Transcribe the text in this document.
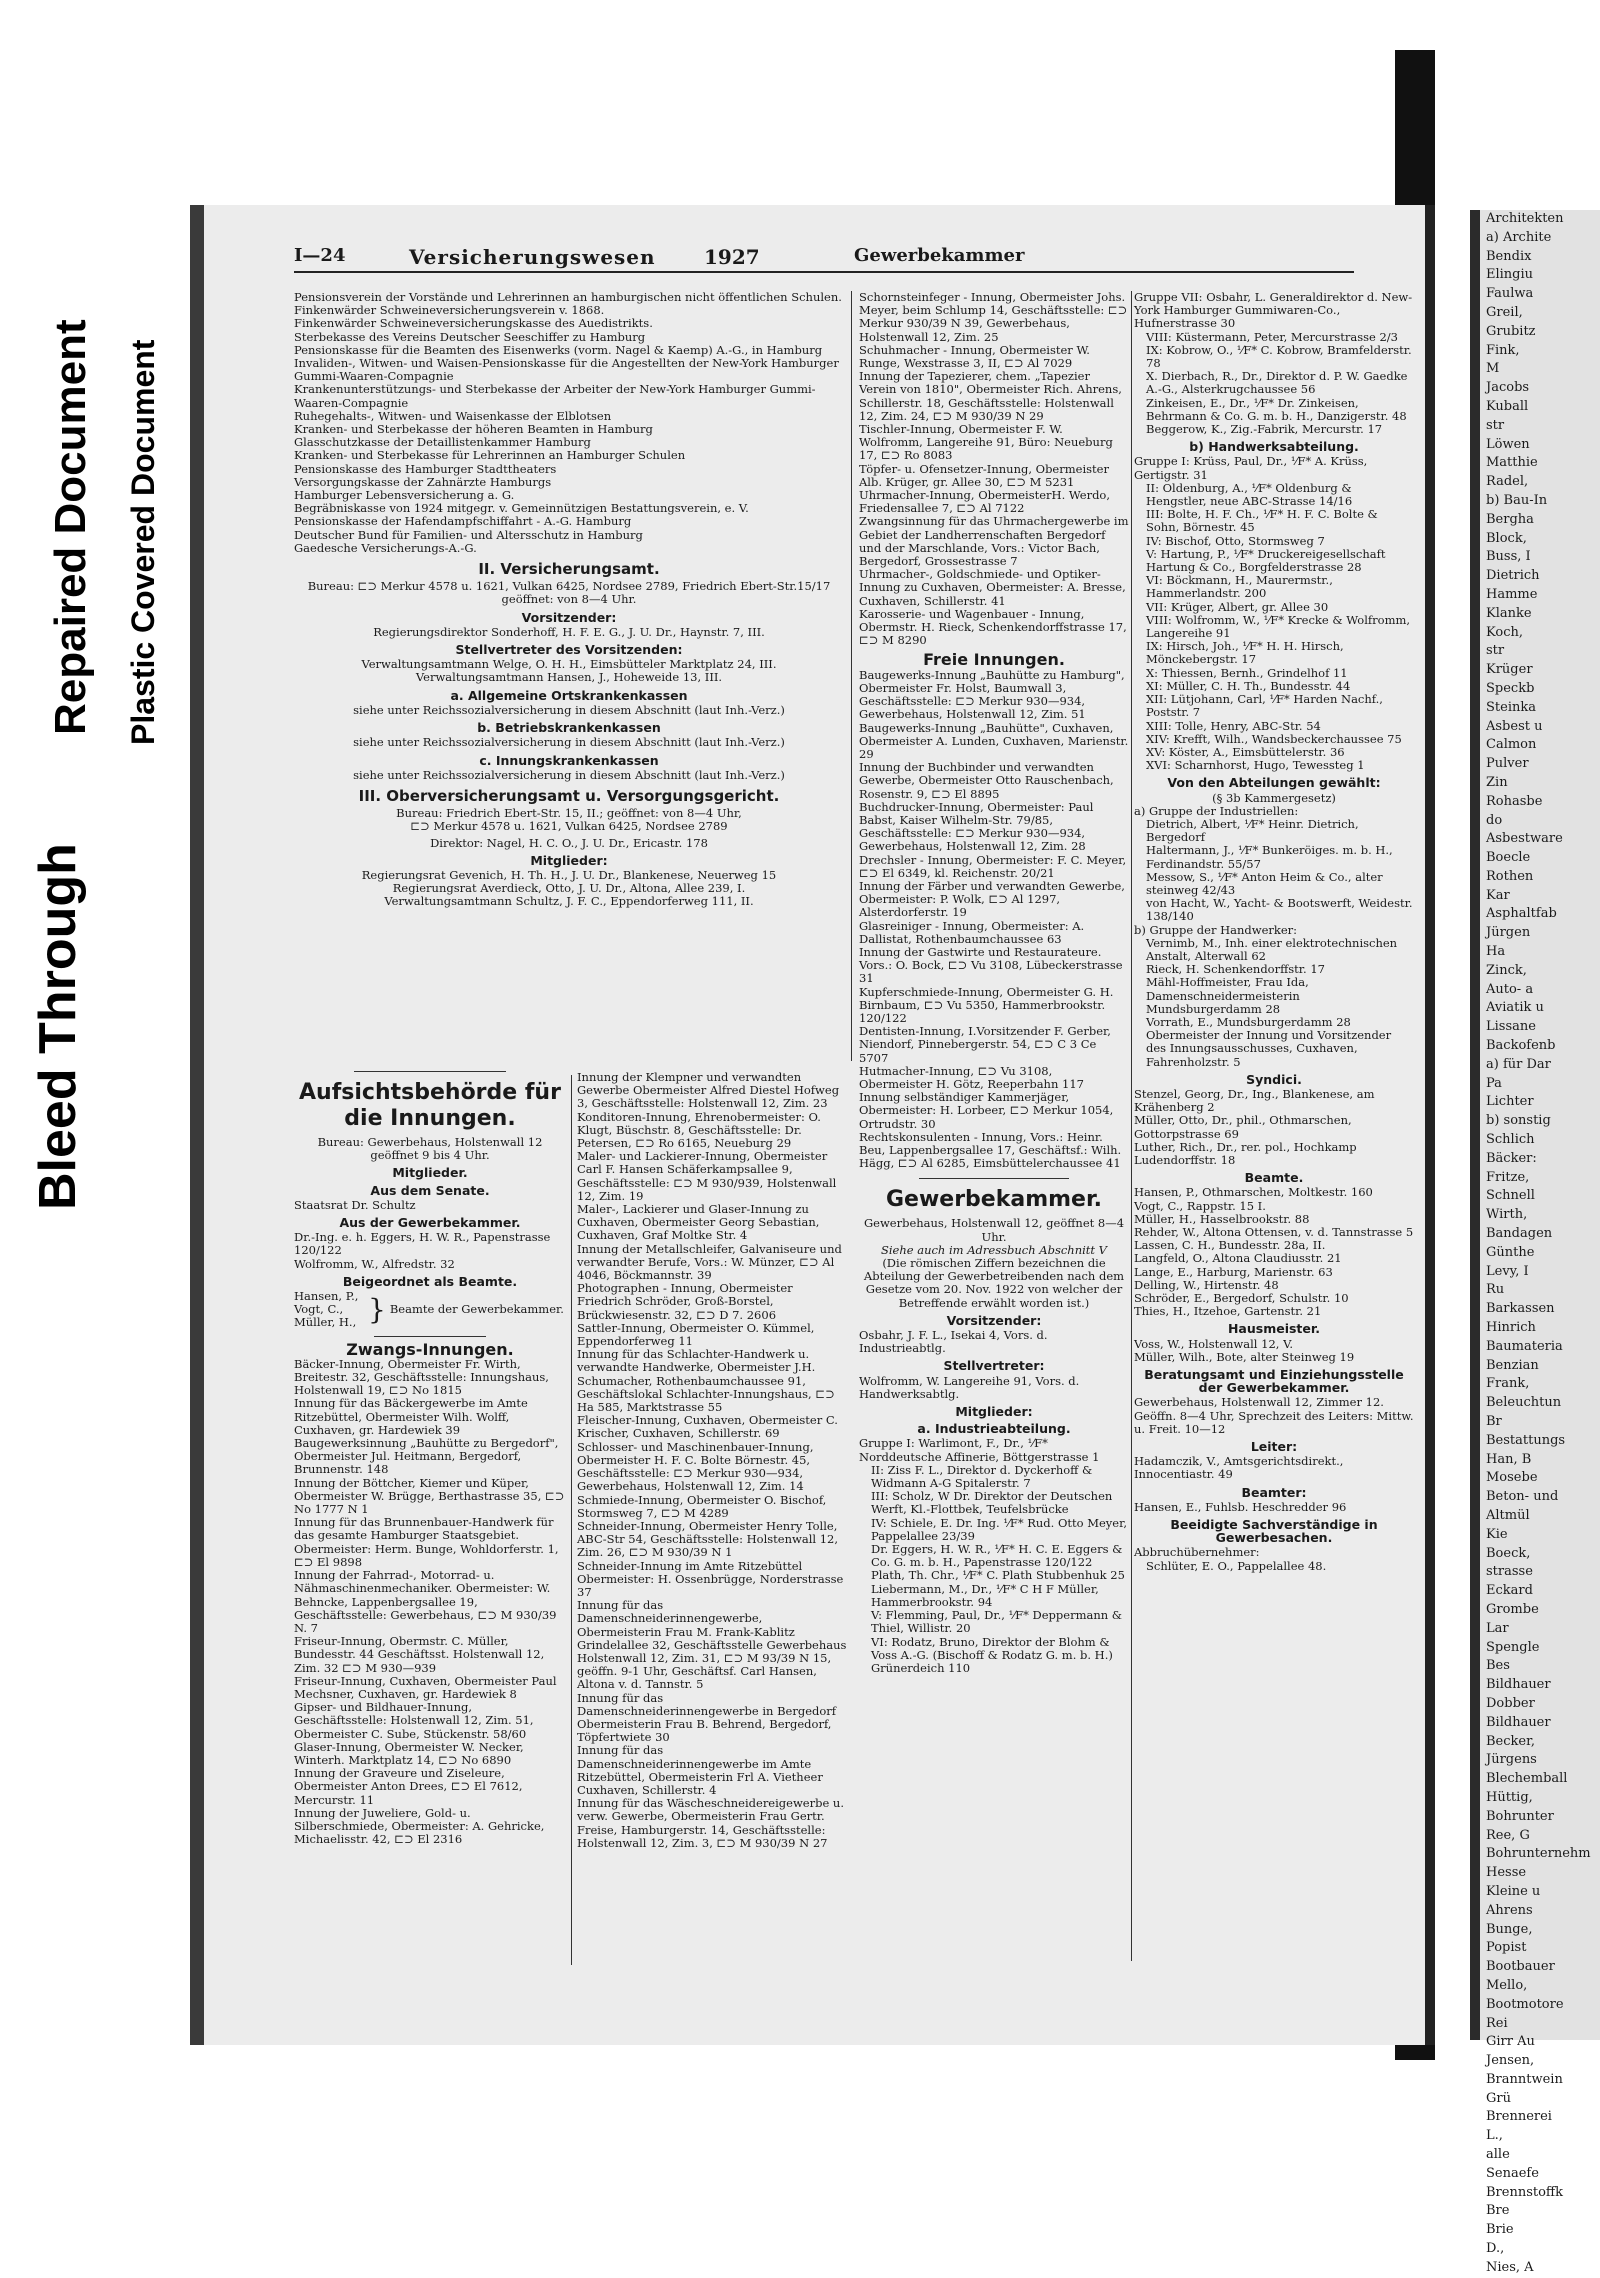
Bleed Through
Repaired Document Plastic Covered Document
I—24	Versicherungswesen 1927	Gewerbekammer

Pensionsverein der Vorstände und Lehrerinnen an hamburgischen nicht öffentlichen Schulen.

Finkenwärder Schweineversicherungsverein v. 1868.

Finkenwärder Schweineversicherungskasse des Auedistrikts.

Sterbekasse des Vereins Deutscher Seeschiffer zu Hamburg

Pensionskasse für die Beamten des Eisenwerks (vorm. Nagel & Kaemp) A.-G., in Hamburg

Invaliden-, Witwen- und Waisen-Pensionskasse für die Angestellten der New-York Hamburger Gummi-Waaren-Compagnie

Krankenunterstützungs- und Sterbekasse der Arbeiter der New-York Hamburger Gummi-Waaren-Compagnie

Ruhegehalts-, Witwen- und Waisenkasse der Elblotsen

Kranken- und Sterbekasse der höheren Beamten in Hamburg

Glasschutzkasse der Detaillistenkammer Hamburg

Kranken- und Sterbekasse für Lehrerinnen an Hamburger Schulen

Pensionskasse des Hamburger Stadttheaters

Versorgungskasse der Zahnärzte Hamburgs

Hamburger Lebensversicherung a. G.

Begräbniskasse von 1924 mitgegr. v. Gemeinnützigen Bestattungsverein, e. V.

Pensionskasse der Hafendampfschiffahrt - A.-G. Hamburg

Deutscher Bund für Familien- und Altersschutz in Hamburg

Gaedesche Versicherungs-A.-G.

II. Versicherungsamt.

Bureau: ⊏⊃ Merkur 4578 u. 1621, Vulkan 6425, Nordsee 2789, Friedrich Ebert-Str.15/17

geöffnet: von 8—4 Uhr.

Vorsitzender:

Regierungsdirektor Sonderhoff, H. F. E. G., J. U. Dr., Haynstr. 7, III.

Stellvertreter des Vorsitzenden:

Verwaltungsamtmann Welge, O. H. H., Eimsbütteler Marktplatz 24, III.

Verwaltungsamtmann Hansen, J., Hoheweide 13, III.

a. Allgemeine Ortskrankenkassen

siehe unter Reichssozialversicherung in diesem Abschnitt (laut Inh.-Verz.)

b. Betriebskrankenkassen

siehe unter Reichssozialversicherung in diesem Abschnitt (laut Inh.-Verz.)

c. Innungskrankenkassen

siehe unter Reichssozialversicherung in diesem Abschnitt (laut Inh.-Verz.)

III. Oberversicherungsamt u. Versorgungsgericht.

Bureau: Friedrich Ebert-Str. 15, II.; geöffnet: von 8—4 Uhr,

⊏⊃ Merkur 4578 u. 1621, Vulkan 6425, Nordsee 2789

Direktor: Nagel, H. C. O., J. U. Dr., Ericastr. 178

Mitglieder:

Regierungsrat Gevenich, H. Th. H., J. U. Dr., Blankenese, Neuerweg 15

Regierungsrat Averdieck, Otto, J. U. Dr., Altona, Allee 239, I.

Verwaltungsamtmann Schultz, J. F. C., Eppendorferweg 111, II.

Aufsichtsbehörde für die Innungen.

Bureau: Gewerbehaus, Holstenwall 12 geöffnet 9 bis 4 Uhr.

Mitglieder.
Aus dem Senate.

Staatsrat Dr. Schultz

Aus der Gewerbekammer.

Dr.-Ing. e. h. Eggers, H. W. R., Papenstrasse 120/122

Wolfromm, W., Alfredstr. 32

Beigeordnet als Beamte.

Hansen, P., Vogt, C., Müller, H., } Beamte der Gewerbekammer.

Zwangs-Innungen.

Bäcker-Innung, Obermeister Fr. Wirth, Breitestr. 32, Geschäftsstelle: Innungshaus, Holstenwall 19, ⊏⊃ No 1815

Innung für das Bäckergewerbe im Amte Ritzebüttel, Obermeister Wilh. Wolff, Cuxhaven, gr. Hardewiek 39

Baugewerksinnung „Bauhütte zu Bergedorf", Obermeister Jul. Heitmann, Bergedorf, Brunnenstr. 148

Innung der Böttcher, Kiemer und Küper, Obermeister W. Brügge, Berthastrasse 35, ⊏⊃ No 1777 N 1

Innung für das Brunnenbauer-Handwerk für das gesamte Hamburger Staatsgebiet. Obermeister: Herm. Bunge, Wohldorferstr. 1, ⊏⊃ El 9898

Innung der Fahrrad-, Motorrad- u. Nähmaschinenmechaniker. Obermeister: W. Behncke, Lappenbergsallee 19, Geschäftsstelle: Gewerbehaus, ⊏⊃ M 930/39 N. 7

Friseur-Innung, Obermstr. C. Müller, Bundesstr. 44 Geschäftsst. Holstenwall 12, Zim. 32 ⊏⊃ M 930—939

Friseur-Innung, Cuxhaven, Obermeister Paul Mechsner, Cuxhaven, gr. Hardewiek 8

Gipser- und Bildhauer-Innung, Geschäftsstelle: Holstenwall 12, Zim. 51, Obermeister C. Sube, Stückenstr. 58/60

Glaser-Innung, Obermeister W. Necker, Winterh. Marktplatz 14, ⊏⊃ No 6890

Innung der Graveure und Ziseleure, Obermeister Anton Drees, ⊏⊃ El 7612, Mercurstr. 11

Innung der Juweliere, Gold- u. Silberschmiede, Obermeister: A. Gehricke, Michaelisstr. 42, ⊏⊃ El 2316

Innung der Klempner und verwandten Gewerbe Obermeister Alfred Diestel Hofweg 3, Geschäftsstelle: Holstenwall 12, Zim. 23

Konditoren-Innung, Ehrenobermeister: O. Klugt, Büschstr. 8, Geschäftsstelle: Dr. Petersen, ⊏⊃ Ro 6165, Neueburg 29

Maler- und Lackierer-Innung, Obermeister Carl F. Hansen Schäferkampsallee 9, Geschäftsstelle: ⊏⊃ M 930/939, Holstenwall 12, Zim. 19

Maler-, Lackierer und Glaser-Innung zu Cuxhaven, Obermeister Georg Sebastian, Cuxhaven, Graf Moltke Str. 4

Innung der Metallschleifer, Galvaniseure und verwandter Berufe, Vors.: W. Münzer, ⊏⊃ Al 4046, Böckmannstr. 39

Photographen - Innung, Obermeister Friedrich Schröder, Groß-Borstel, Brückwiesenstr. 32, ⊏⊃ D 7. 2606

Sattler-Innung, Obermeister O. Kümmel, Eppendorferweg 11

Innung für das Schlachter-Handwerk u. verwandte Handwerke, Obermeister J.H. Schumacher, Rothenbaumchaussee 91, Geschäftslokal Schlachter-Innungshaus, ⊏⊃ Ha 585, Marktstrasse 55

Fleischer-Innung, Cuxhaven, Obermeister C. Krischer, Cuxhaven, Schillerstr. 69

Schlosser- und Maschinenbauer-Innung, Obermeister H. F. C. Bolte Börnestr. 45, Geschäftsstelle: ⊏⊃ Merkur 930—934, Gewerbehaus, Holstenwall 12, Zim. 14

Schmiede-Innung, Obermeister O. Bischof, Stormsweg 7, ⊏⊃ M 4289

Schneider-Innung, Obermeister Henry Tolle, ABC-Str 54, Geschäftsstelle: Holstenwall 12, Zim. 26, ⊏⊃ M 930/39 N 1

Schneider-Innung im Amte Ritzebüttel Obermeister: H. Ossenbrügge, Norderstrasse 37

Innung für das Damenschneiderinnengewerbe, Obermeisterin Frau M. Frank-Kablitz Grindelallee 32, Geschäftsstelle Gewerbehaus Holstenwall 12, Zim. 31, ⊏⊃ M 93/39 N 15, geöffn. 9-1 Uhr, Geschäftsf. Carl Hansen, Altona v. d. Tannstr. 5

Innung für das Damenschneiderinnengewerbe in Bergedorf Obermeisterin Frau B. Behrend, Bergedorf, Töpfertwiete 30

Innung für das Damenschneiderinnengewerbe im Amte Ritzebüttel, Obermeisterin Frl A. Vietheer Cuxhaven, Schillerstr. 4

Innung für das Wäscheschneidereigewerbe u. verw. Gewerbe, Obermeisterin Frau Gertr. Freise, Hamburgerstr. 14, Geschäftsstelle: Holstenwall 12, Zim. 3, ⊏⊃ M 930/39 N 27

Schornsteinfeger - Innung, Obermeister Johs. Meyer, beim Schlump 14, Geschäftsstelle: ⊏⊃ Merkur 930/39 N 39, Gewerbehaus, Holstenwall 12, Zim. 25

Schuhmacher - Innung, Obermeister W. Runge, Wexstrasse 3, II, ⊏⊃ Al 7029

Innung der Tapezierer, chem. „Tapezier Verein von 1810", Obermeister Rich. Ahrens, Schillerstr. 18, Geschäftsstelle: Holstenwall 12, Zim. 24, ⊏⊃ M 930/39 N 29

Tischler-Innung, Obermeister F. W. Wolfromm, Langereihe 91, Büro: Neueburg 17, ⊏⊃ Ro 8083

Töpfer- u. Ofensetzer-Innung, Obermeister Alb. Krüger, gr. Allee 30, ⊏⊃ M 5231

Uhrmacher-Innung, ObermeisterH. Werdo, Friedensallee 7, ⊏⊃ Al 7122

Zwangsinnung für das Uhrmachergewerbe im Gebiet der Landherrenschaften Bergedorf und der Marschlande, Vors.: Victor Bach, Bergedorf, Grossestrasse 7

Uhrmacher-, Goldschmiede- und Optiker-Innung zu Cuxhaven, Obermeister: A. Bresse, Cuxhaven, Schillerstr. 41

Karosserie- und Wagenbauer - Innung, Obermstr. H. Rieck, Schenkendorffstrasse 17, ⊏⊃ M 8290

Freie Innungen.

Baugewerks-Innung „Bauhütte zu Hamburg", Obermeister Fr. Holst, Baumwall 3, Geschäftsstelle: ⊏⊃ Merkur 930—934, Gewerbehaus, Holstenwall 12, Zim. 51

Baugewerks-Innung „Bauhütte", Cuxhaven, Obermeister A. Lunden, Cuxhaven, Marienstr. 29

Innung der Buchbinder und verwandten Gewerbe, Obermeister Otto Rauschenbach, Rosenstr. 9, ⊏⊃ El 8895

Buchdrucker-Innung, Obermeister: Paul Babst, Kaiser Wilhelm-Str. 79/85, Geschäftsstelle: ⊏⊃ Merkur 930—934, Gewerbehaus, Holstenwall 12, Zim. 28

Drechsler - Innung, Obermeister: F. C. Meyer, ⊏⊃ El 6349, kl. Reichenstr. 20/21

Innung der Färber und verwandten Gewerbe, Obermeister: P. Wolk, ⊏⊃ Al 1297, Alsterdorferstr. 19

Glasreiniger - Innung, Obermeister: A. Dallistat, Rothenbaumchaussee 63

Innung der Gastwirte und Restaurateure. Vors.: O. Bock, ⊏⊃ Vu 3108, Lübeckerstrasse 31

Kupferschmiede-Innung, Obermeister G. H. Birnbaum, ⊏⊃ Vu 5350, Hammerbrookstr. 120/122

Dentisten-Innung, I.Vorsitzender F. Gerber, Niendorf, Pinnebergerstr. 54, ⊏⊃ C 3 Ce 5707

Hutmacher-Innung, ⊏⊃ Vu 3108, Obermeister H. Götz, Reeperbahn 117

Innung selbständiger Kammerjäger, Obermeister: H. Lorbeer, ⊏⊃ Merkur 1054, Ortrudstr. 30

Rechtskonsulenten - Innung, Vors.: Heinr. Beu, Lappenbergsallee 17, Geschäftsf.: Wilh. Hägg, ⊏⊃ Al 6285, Eimsbüttelerchaussee 41

Gewerbekammer.

Gewerbehaus, Holstenwall 12, geöffnet 8—4 Uhr.

Siehe auch im Adressbuch Abschnitt V

(Die römischen Ziffern bezeichnen die Abteilung der Gewerbetreibenden nach dem Gesetze vom 20. Nov. 1922 von welcher der Betreffende erwählt worden ist.)

Vorsitzender:

Osbahr, J. F. L., Isekai 4, Vors. d. Industrieabtlg.

Stellvertreter:

Wolfromm, W. Langereihe 91, Vors. d. Handwerksabtlg.

Mitglieder:
a. Industrieabteilung.

Gruppe I: Warlimont, F., Dr., ⅟F* Norddeutsche Affinerie, Böttgerstrasse 1

II: Ziss F. L., Direktor d. Dyckerhoff & Widmann A-G Spitalerstr. 7

III: Scholz, W Dr. Direktor der Deutschen Werft, Kl.-Flottbek, Teufelsbrücke

IV: Schiele, E. Dr. Ing. ⅟F* Rud. Otto Meyer, Pappelallee 23/39

Dr. Eggers, H. W. R., ⅟F* H. C. E. Eggers & Co. G. m. b. H., Papenstrasse 120/122

Plath, Th. Chr., ⅟F* C. Plath Stubbenhuk 25

Liebermann, M., Dr., ⅟F* C H F Müller, Hammerbrookstr. 94

V: Flemming, Paul, Dr., ⅟F* Deppermann & Thiel, Willistr. 20

VI: Rodatz, Bruno, Direktor der Blohm & Voss A.-G. (Bischoff & Rodatz G. m. b. H.) Grünerdeich 110

Gruppe VII: Osbahr, L. Generaldirektor d. New-York Hamburger Gummiwaren-Co., Hufnerstrasse 30

VIII: Küstermann, Peter, Mercurstrasse 2/3

IX: Kobrow, O., ⅟F* C. Kobrow, Bramfelderstr. 78

X. Dierbach, R., Dr., Direktor d. P. W. Gaedke A.-G., Alsterkrugchaussee 56

Zinkeisen, E., Dr., ⅟F* Dr. Zinkeisen, Behrmann & Co. G. m. b. H., Danzigerstr. 48

Beggerow, K., Zig.-Fabrik, Mercurstr. 17

b) Handwerksabteilung.

Gruppe I: Krüss, Paul, Dr., ⅟F* A. Krüss, Gertigstr. 31

II: Oldenburg, A., ⅟F* Oldenburg & Hengstler, neue ABC-Strasse 14/16

III: Bolte, H. F. Ch., ⅟F* H. F. C. Bolte & Sohn, Börnestr. 45

IV: Bischof, Otto, Stormsweg 7

V: Hartung, P., ⅟F* Druckereigesellschaft Hartung & Co., Borgfelderstrasse 28

VI: Böckmann, H., Maurermstr., Hammerlandstr. 200

VII: Krüger, Albert, gr. Allee 30

VIII: Wolfromm, W., ⅟F* Krecke & Wolfromm, Langereihe 91

IX: Hirsch, Joh., ⅟F* H. H. Hirsch, Mönckebergstr. 17

X: Thiessen, Bernh., Grindelhof 11

XI: Müller, C. H. Th., Bundesstr. 44

XII: Lütjohann, Carl, ⅟F* Harden Nachf., Poststr. 7

XIII: Tolle, Henry, ABC-Str. 54

XIV: Krefft, Wilh., Wandsbeckerchaussee 75

XV: Köster, A., Eimsbüttelerstr. 36

XVI: Scharnhorst, Hugo, Tewessteg 1

Von den Abteilungen gewählt:

(§ 3b Kammergesetz)

a) Gruppe der Industriellen:

Dietrich, Albert, ⅟F* Heinr. Dietrich, Bergedorf

Haltermann, J., ⅟F* Bunkeröiges. m. b. H., Ferdinandstr. 55/57

Messow, S., ⅟F* Anton Heim & Co., alter steinweg 42/43

von Hacht, W., Yacht- & Bootswerft, Weidestr. 138/140

b) Gruppe der Handwerker:

Vernimb, M., Inh. einer elektrotechnischen Anstalt, Alterwall 62

Rieck, H. Schenkendorffstr. 17

Mähl-Hoffmeister, Frau Ida, Damenschneidermeisterin Mundsburgerdamm 28

Vorrath, E., Mundsburgerdamm 28 Obermeister der Innung und Vorsitzender des Innungsausschusses, Cuxhaven, Fahrenholzstr. 5

Syndici.

Stenzel, Georg, Dr., Ing., Blankenese, am Krähenberg 2

Müller, Otto, Dr., phil., Othmarschen, Gottorpstrasse 69

Luther, Rich., Dr., rer. pol., Hochkamp Ludendorffstr. 18

Beamte.

Hansen, P., Othmarschen, Moltkestr. 160

Vogt, C., Rappstr. 15 I.

Müller, H., Hasselbrookstr. 88

Rehder, W., Altona Ottensen, v. d. Tannstrasse 5

Lassen, C. H., Bundesstr. 28a, II.

Langfeld, O., Altona Claudiusstr. 21

Lange, E., Harburg, Marienstr. 63

Delling, W., Hirtenstr. 48

Schröder, E., Bergedorf, Schulstr. 10

Thies, H., Itzehoe, Gartenstr. 21

Hausmeister.

Voss, W., Holstenwall 12, V.

Müller, Wilh., Bote, alter Steinweg 19

Beratungsamt und Einziehungsstelle der Gewerbekammer.

Gewerbehaus, Holstenwall 12, Zimmer 12.

Geöffn. 8—4 Uhr, Sprechzeit des Leiters: Mittw. u. Freit. 10—12

Leiter:

Hadamczik, V., Amtsgerichtsdirekt., Innocentiastr. 49

Beamter:

Hansen, E., Fuhlsb. Heschredder 96

Beeidigte Sachverständige in Gewerbesachen.

Abbruchübernehmer:

Schlüter, E. O., Pappelallee 48.

Architekten
a) Archite
Bendix
Elingiu
Faulwa
Greil,
Grubitz
Fink,
M
Jacobs
Kuball
str
Löwen
Matthie
Radel,
b) Bau-In
Bergha
Block,
Buss, I
Dietrich
Hamme
Klanke
Koch,
str
Krüger
Speckb
Steinka
Asbest u
Calmon
Pulver
Zin
Rohasbe
do
Asbestware
Boecle
Rothen
Kar
Asphaltfab
Jürgen
Ha
Zinck,
Auto- a
Aviatik u
Lissane
Backofenb
a) für Dar
Pa
Lichter
b) sonstig
Schlich
Bäcker:
Fritze,
Schnell
Wirth,
Bandagen
Günthe
Levy, I
Ru
Barkassen
Hinrich
Baumateria
Benzian
Frank,
Beleuchtun
Br
Bestattungs
Han, B
Mosebe
Beton- und
Altmül
Kie
Boeck,
strasse
Eckard
Grombe
Lar
Spengle
Bes
Bildhauer
Dobber
Bildhauer
Becker,
Jürgens
Blechemball
Hüttig,
Bohrunter
Ree, G
Bohrunternehm
Hesse
Kleine u
Ahrens
Bunge,
Popist
Bootbauer
Mello,
Bootmotore
Rei
Girr Au
Jensen,
Branntwein
Grü
Brennerei
L.,
alle
Senaefe
Brennstoffk
Bre
Brie
D.,
Nies, A
